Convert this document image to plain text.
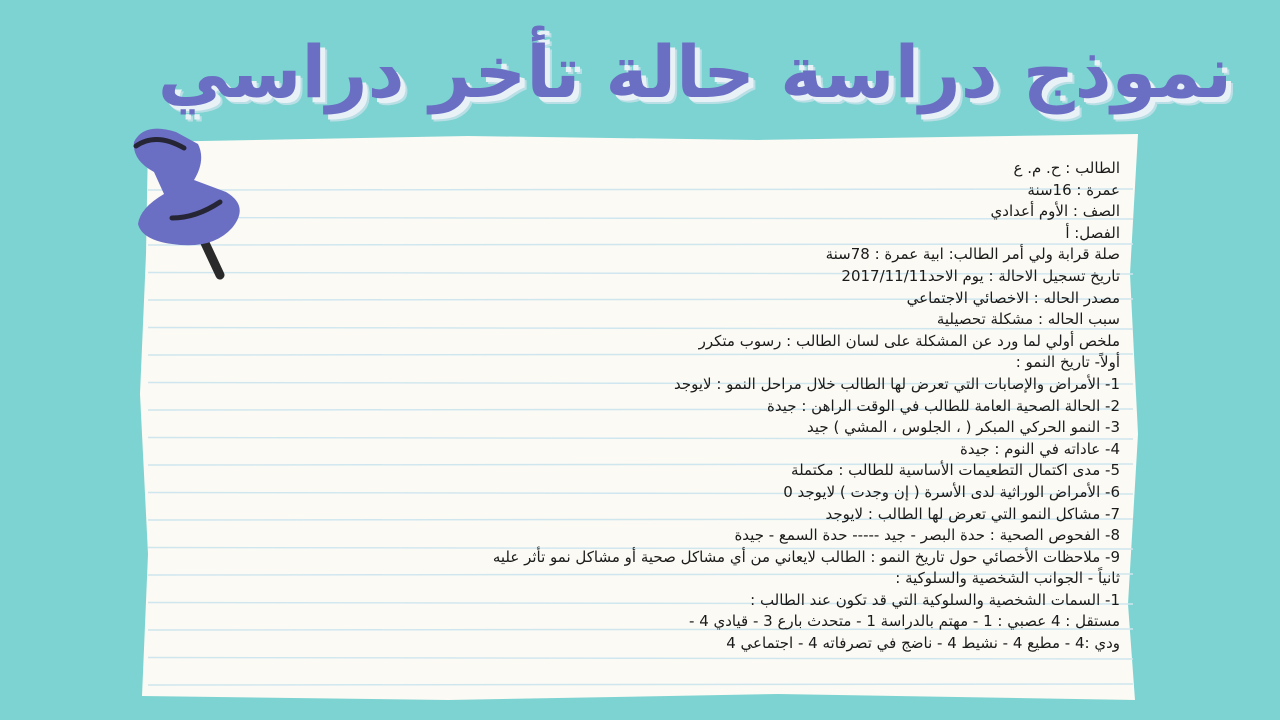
نموذج دراسة حالة تأخر دراسي
الطالب : ح. م. ع
عمرة : 16سنة
الصف : الأوم أعدادي
الفصل: أ
صلة قرابة ولي أمر الطالب: ابية عمرة : 78سنة
تاريخ تسجيل الاحالة : يوم الاحد2017/11/11
مصدر الحاله : الاخصائي الاجتماعي
سبب الحاله : مشكلة تحصيلية
ملخص أولي لما ورد عن المشكلة على لسان الطالب : رسوب متكرر
أولاً- تاريخ النمو :
1- الأمراض والإصابات التي تعرض لها الطالب خلال مراحل النمو : لايوجد
2- الحالة الصحية العامة للطالب في الوقت الراهن : جيدة
3- النمو الحركي المبكر ( ، الجلوس ، المشي ) جيد
4- عاداته في النوم : جيدة
5- مدى اكتمال التطعيمات الأساسية للطالب : مكتملة
6- الأمراض الوراثية لدى الأسرة ( إن وجدت ) لايوجد 0
7- مشاكل النمو التي تعرض لها الطالب : لايوجد
8- الفحوص الصحية : حدة البصر - جيد ----- حدة السمع - جيدة
9- ملاحظات الأخصائي حول تاريخ النمو : الطالب لايعاني من أي مشاكل صحية أو مشاكل نمو تأثر عليه
ثانياً - الجوانب الشخصية والسلوكية :
1- السمات الشخصية والسلوكية التي قد تكون عند الطالب :
مستقل : 4 عصبي : 1 - مهتم بالدراسة 1 - متحدث بارع 3 - قيادي 4 -
ودي :4 - مطيع 4 - نشيط 4 - ناضج في تصرفاته 4 - اجتماعي 4
